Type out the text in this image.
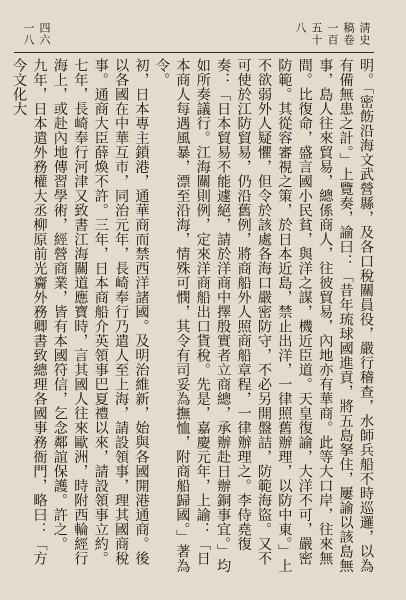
淸史稿卷一百五十八
四六一八

明。「密飭沿海文武營縣，及各口稅關員役，嚴行稽查，水師兵船不時巡邏，以為有備無患之計。」上覽奏，諭曰：「昔年琉球國進貢，將五島拏住，屢諭以該島無事，島人往來貿易，總係商人，往彼貿易，內地亦有華商。此等大口岸，往來無間。比復命，盛言國小民貧，與洋之謀，機近臣道。天皇復諭，大洋不可，嚴密防範。其從容審視之策，於日本近島，禁止出洋，一律照舊辦理，以防中東。」上不欲弱外人疑懼，但令於該處各海口嚴密防守，不必另開盤詰，防範海盜。又不可使於江防貿易，仍沿舊例，將商船外人照商船章程，一律辦理之。李侍堯復奏：「日本貿易不能遽絕，請於洋商中擇殷實者立商總，承辦赴日辦銅事宜。」均如所奏議行。江海關則例，定來洋商船出口貨稅。先是，嘉慶元年，上諭：「日本商人每遇風暴，漂至沿海，情殊可憫，其令有司妥為撫恤，附商船歸國。」著為令。

初，日本專主鎖港，通華商而禁西洋諸國。及明治維新，始與各國開港通商。後以各國在中華互市，同治元年，長崎奉行乃遣人至上海，請設領事，理其國商稅事。通商大臣薛煥不許。三年，日本商船介英領事巴夏禮以來，請設領事立約。七年，長崎奉行河津又致書江海關道應寶時，言其國人往來歐洲，時附西輪經行海上，或赴內地傳習學術，經營商業，皆有本國符信，乞念鄰誼保護。許之。

九年，日本遣外務權大丞柳原前光齎外務卿書致總理各國事務衙門，略曰：「方今文化大
